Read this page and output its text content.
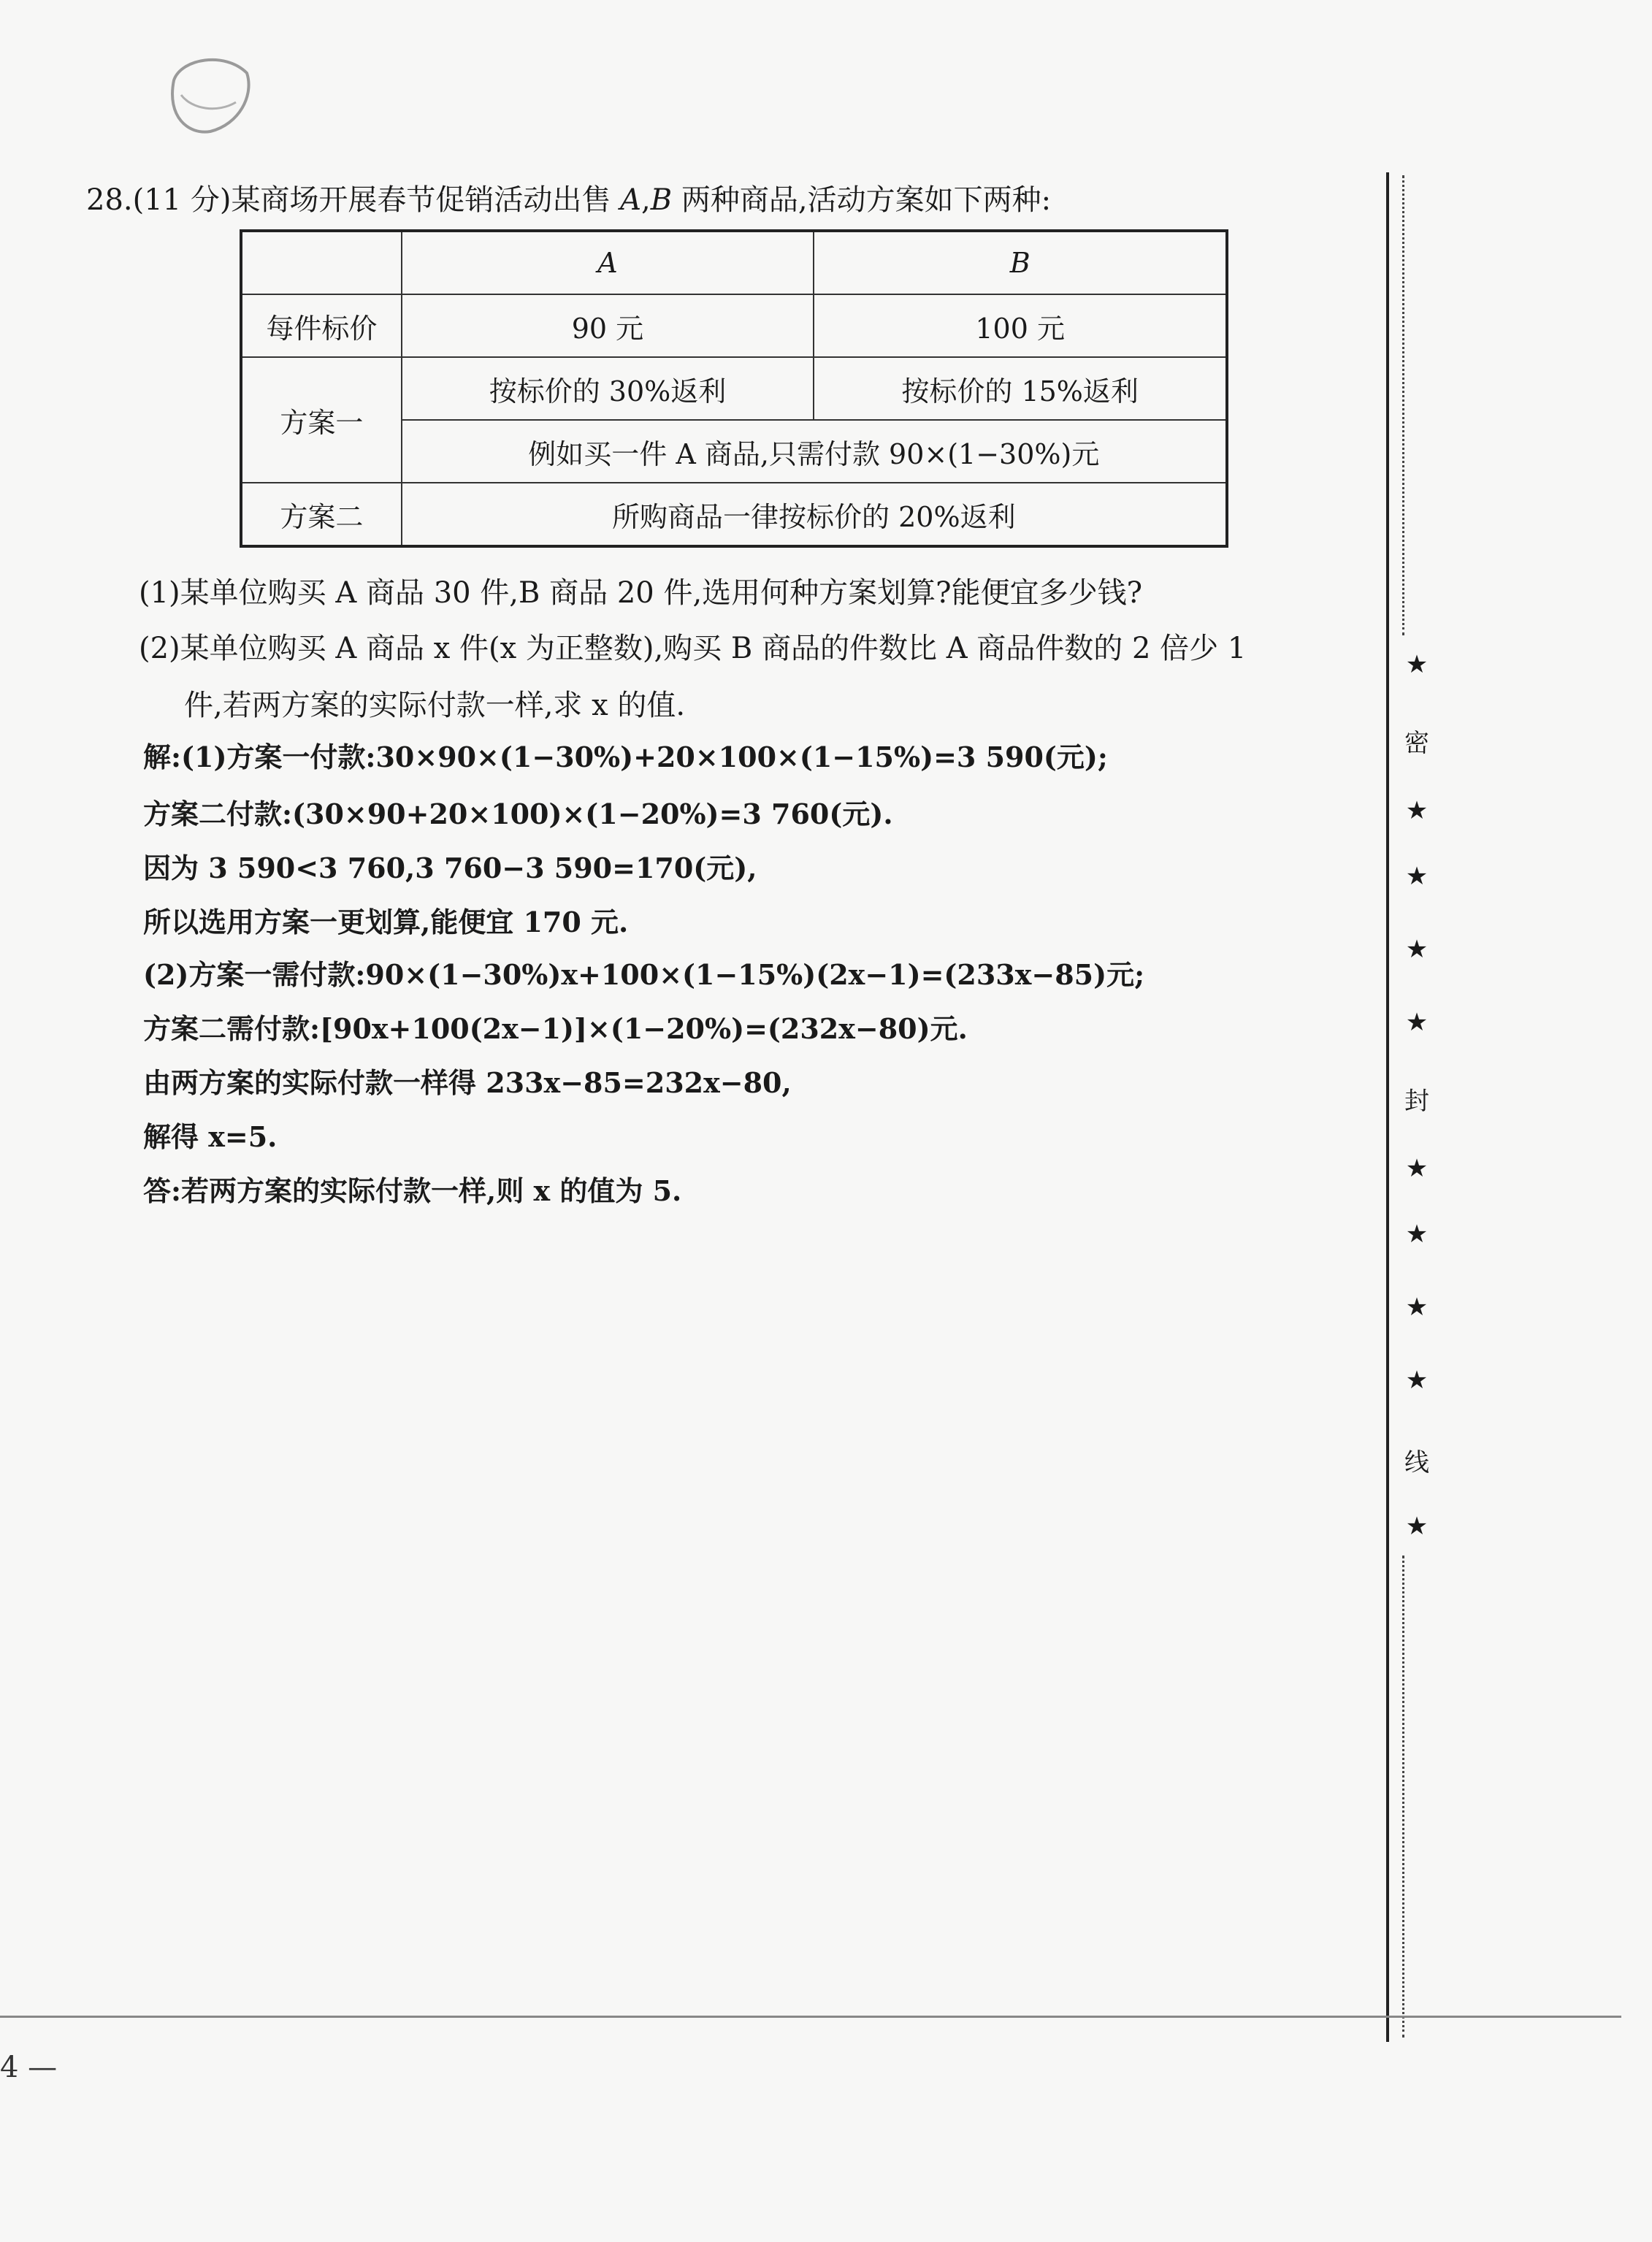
28.(11 分)某商场开展春节促销活动出售 A,B 两种商品,活动方案如下两种:
	A	B
每件标价	90 元	100 元
方案一	按标价的 30%返利	按标价的 15%返利
	例如买一件 A 商品,只需付款 90×(1−30%)元	
方案二	所购商品一律按标价的 20%返利	
(1)某单位购买 A 商品 30 件,B 商品 20 件,选用何种方案划算?能便宜多少钱?
(2)某单位购买 A 商品 x 件(x 为正整数),购买 B 商品的件数比 A 商品件数的 2 倍少 1
件,若两方案的实际付款一样,求 x 的值.
解:(1)方案一付款:30×90×(1−30%)+20×100×(1−15%)=3 590(元);
方案二付款:(30×90+20×100)×(1−20%)=3 760(元).
因为 3 590<3 760,3 760−3 590=170(元),
所以选用方案一更划算,能便宜 170 元.
(2)方案一需付款:90×(1−30%)x+100×(1−15%)(2x−1)=(233x−85)元;
方案二需付款:[90x+100(2x−1)]×(1−20%)=(232x−80)元.
由两方案的实际付款一样得 233x−85=232x−80,
解得 x=5.
答:若两方案的实际付款一样,则 x 的值为 5.
★
密
★
★
★
★
封
★
★
★
★
线
★
4 —
